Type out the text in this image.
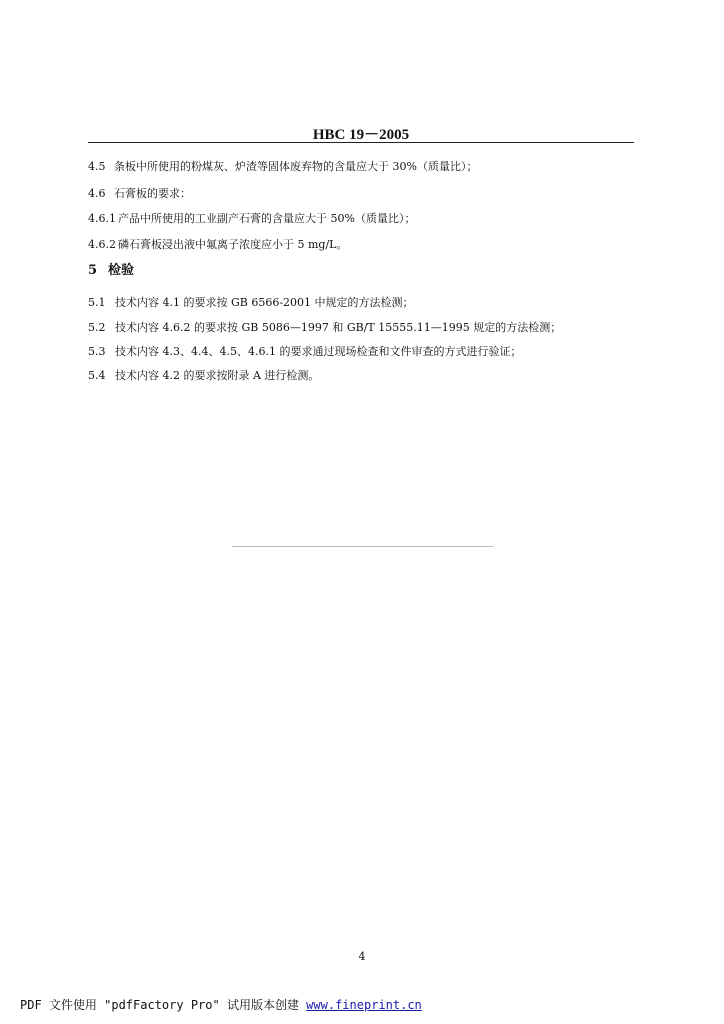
HBC 19－2005
4.5 条板中所使用的粉煤灰、炉渣等固体废弃物的含量应大于 30%（质量比）；
4.6 石膏板的要求：
4.6.1 产品中所使用的工业副产石膏的含量应大于 50%（质量比）；
4.6.2 磷石膏板浸出液中氟离子浓度应小于 5 mg/L。
5 检验
5.1 技术内容 4.1 的要求按 GB 6566-2001 中规定的方法检测；
5.2 技术内容 4.6.2 的要求按 GB 5086—1997 和 GB/T 15555.11—1995 规定的方法检测；
5.3 技术内容 4.3、4.4、4.5、4.6.1 的要求通过现场检查和文件审查的方式进行验证；
5.4 技术内容 4.2 的要求按附录 A 进行检测。
4
PDF 文件使用 "pdfFactory Pro" 试用版本创建 www.fineprint.cn
